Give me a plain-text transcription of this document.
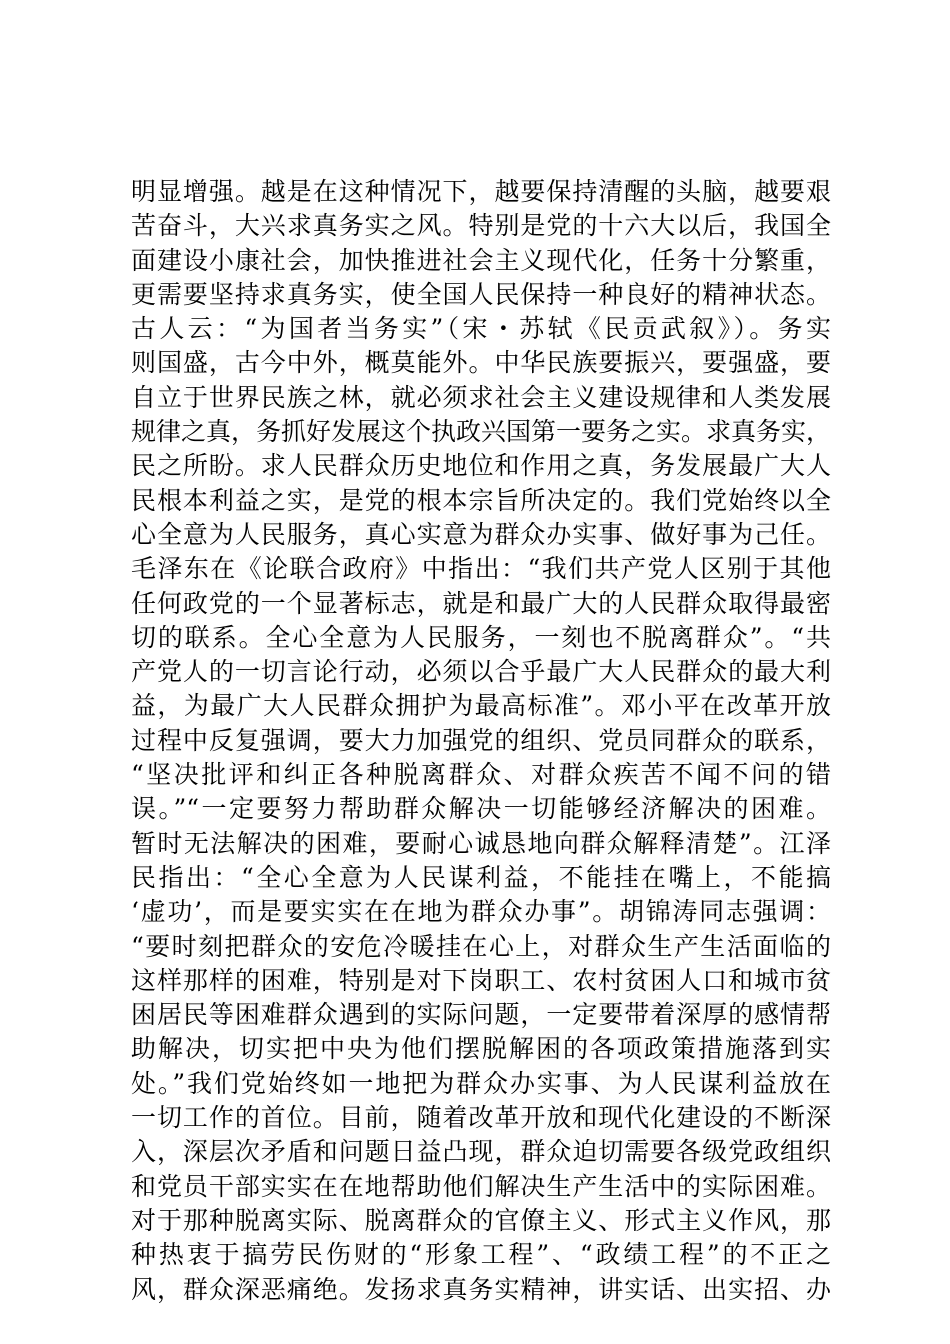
明显增强。越是在这种情况下，越要保持清醒的头脑，越要艰
苦奋斗，大兴求真务实之风。特别是党的十六大以后，我国全
面建设小康社会，加快推进社会主义现代化，任务十分繁重，
更需要坚持求真务实，使全国人民保持一种良好的精神状态。
古人云：“为国者当务实”（宋・苏轼《民贡武叙》）。务实
则国盛，古今中外，概莫能外。中华民族要振兴，要强盛，要
自立于世界民族之林，就必须求社会主义建设规律和人类发展
规律之真，务抓好发展这个执政兴国第一要务之实。求真务实，
民之所盼。求人民群众历史地位和作用之真，务发展最广大人
民根本利益之实，是党的根本宗旨所决定的。我们党始终以全
心全意为人民服务，真心实意为群众办实事、做好事为己任。
毛泽东在《论联合政府》中指出：“我们共产党人区别于其他
任何政党的一个显著标志，就是和最广大的人民群众取得最密
切的联系。全心全意为人民服务，一刻也不脱离群众”。“共
产党人的一切言论行动，必须以合乎最广大人民群众的最大利
益，为最广大人民群众拥护为最高标准”。邓小平在改革开放
过程中反复强调，要大力加强党的组织、党员同群众的联系，
“坚决批评和纠正各种脱离群众、对群众疾苦不闻不问的错
误。”“一定要努力帮助群众解决一切能够经济解决的困难。
暂时无法解决的困难，要耐心诚恳地向群众解释清楚”。江泽
民指出：“全心全意为人民谋利益，不能挂在嘴上，不能搞
‘虚功’，而是要实实在在地为群众办事”。胡锦涛同志强调：
“要时刻把群众的安危冷暖挂在心上，对群众生产生活面临的
这样那样的困难，特别是对下岗职工、农村贫困人口和城市贫
困居民等困难群众遇到的实际问题，一定要带着深厚的感情帮
助解决，切实把中央为他们摆脱解困的各项政策措施落到实
处。”我们党始终如一地把为群众办实事、为人民谋利益放在
一切工作的首位。目前，随着改革开放和现代化建设的不断深
入，深层次矛盾和问题日益凸现，群众迫切需要各级党政组织
和党员干部实实在在地帮助他们解决生产生活中的实际困难。
对于那种脱离实际、脱离群众的官僚主义、形式主义作风，那
种热衷于搞劳民伤财的“形象工程”、“政绩工程”的不正之
风，群众深恶痛绝。发扬求真务实精神，讲实话、出实招、办
